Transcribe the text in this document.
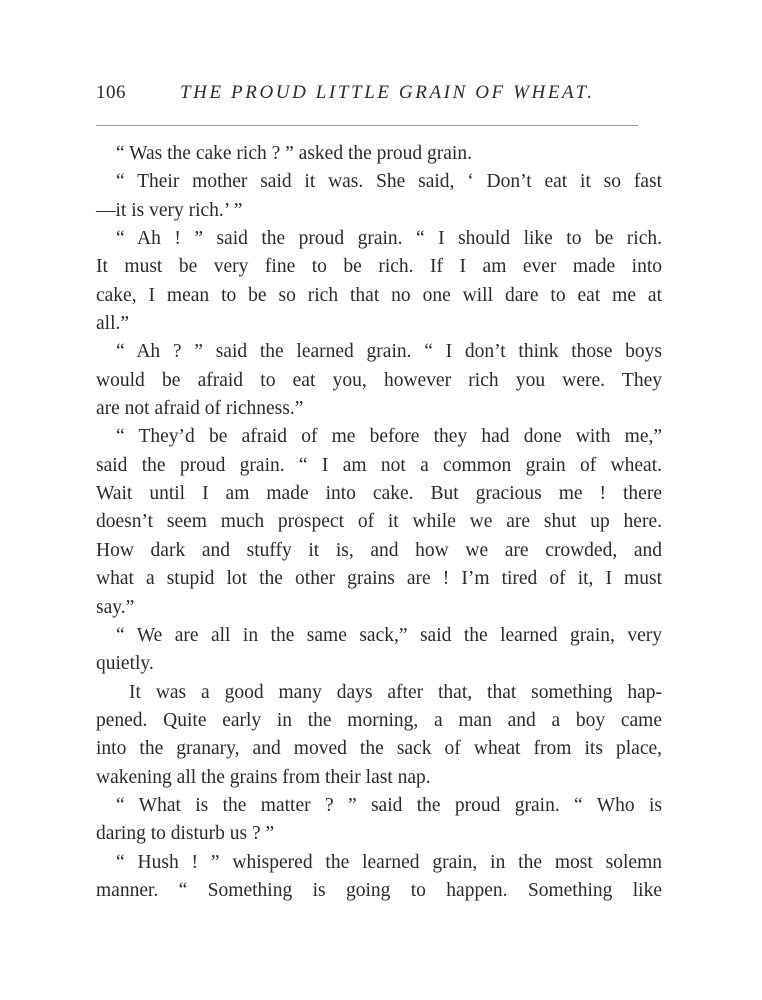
106	THE PROUD LITTLE GRAIN OF WHEAT.
“ Was the cake rich ? ” asked the proud grain.
“ Their mother said it was. She said, ‘ Don’t eat it so fast
—it is very rich.’ ”
“ Ah ! ” said the proud grain. “ I should like to be rich.
It must be very fine to be rich. If I am ever made into
cake, I mean to be so rich that no one will dare to eat me at
all.”
“ Ah ? ” said the learned grain. “ I don’t think those boys
would be afraid to eat you, however rich you were. They
are not afraid of richness.”
“ They’d be afraid of me before they had done with me,”
said the proud grain. “ I am not a common grain of wheat.
Wait until I am made into cake. But gracious me ! there
doesn’t seem much prospect of it while we are shut up here.
How dark and stuffy it is, and how we are crowded, and
what a stupid lot the other grains are ! I’m tired of it, I must
say.”
“ We are all in the same sack,” said the learned grain, very
quietly.
It was a good many days after that, that something hap-
pened. Quite early in the morning, a man and a boy came
into the granary, and moved the sack of wheat from its place,
wakening all the grains from their last nap.
“ What is the matter ? ” said the proud grain. “ Who is
daring to disturb us ? ”
“ Hush ! ” whispered the learned grain, in the most solemn
manner. “ Something is going to happen. Something like
